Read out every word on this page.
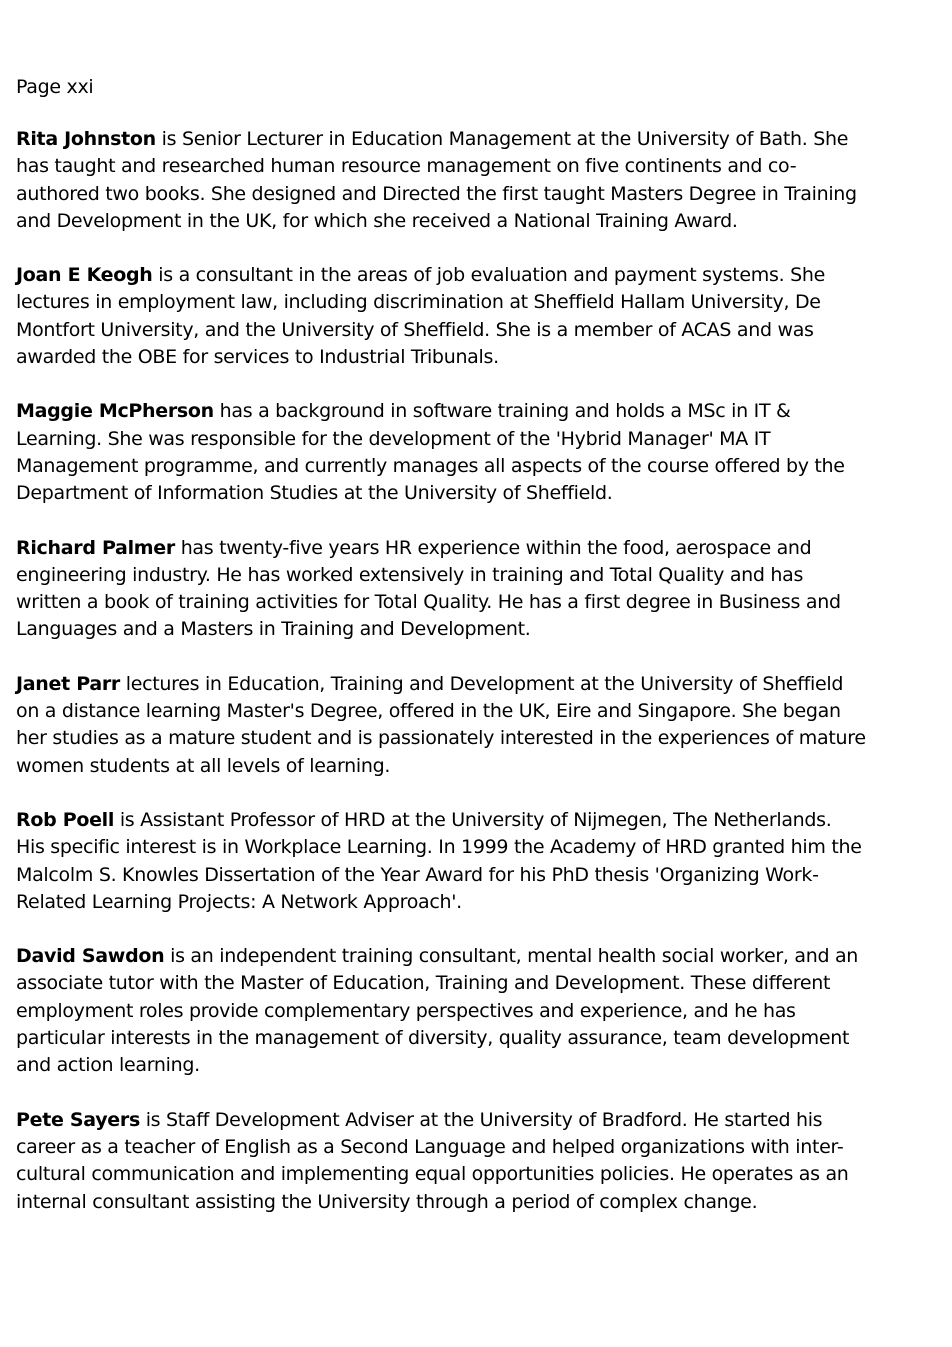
Page xxi
Rita Johnston is Senior Lecturer in Education Management at the University of Bath. She
has taught and researched human resource management on five continents and co-
authored two books. She designed and Directed the first taught Masters Degree in Training
and Development in the UK, for which she received a National Training Award.
Joan E Keogh is a consultant in the areas of job evaluation and payment systems. She
lectures in employment law, including discrimination at Sheffield Hallam University, De
Montfort University, and the University of Sheffield. She is a member of ACAS and was
awarded the OBE for services to Industrial Tribunals.
Maggie McPherson has a background in software training and holds a MSc in IT &
Learning. She was responsible for the development of the 'Hybrid Manager' MA IT
Management programme, and currently manages all aspects of the course offered by the
Department of Information Studies at the University of Sheffield.
Richard Palmer has twenty-five years HR experience within the food, aerospace and
engineering industry. He has worked extensively in training and Total Quality and has
written a book of training activities for Total Quality. He has a first degree in Business and
Languages and a Masters in Training and Development.
Janet Parr lectures in Education, Training and Development at the University of Sheffield
on a distance learning Master's Degree, offered in the UK, Eire and Singapore. She began
her studies as a mature student and is passionately interested in the experiences of mature
women students at all levels of learning.
Rob Poell is Assistant Professor of HRD at the University of Nijmegen, The Netherlands.
His specific interest is in Workplace Learning. In 1999 the Academy of HRD granted him the
Malcolm S. Knowles Dissertation of the Year Award for his PhD thesis 'Organizing Work-
Related Learning Projects: A Network Approach'.
David Sawdon is an independent training consultant, mental health social worker, and an
associate tutor with the Master of Education, Training and Development. These different
employment roles provide complementary perspectives and experience, and he has
particular interests in the management of diversity, quality assurance, team development
and action learning.
Pete Sayers is Staff Development Adviser at the University of Bradford. He started his
career as a teacher of English as a Second Language and helped organizations with inter-
cultural communication and implementing equal opportunities policies. He operates as an
internal consultant assisting the University through a period of complex change.
